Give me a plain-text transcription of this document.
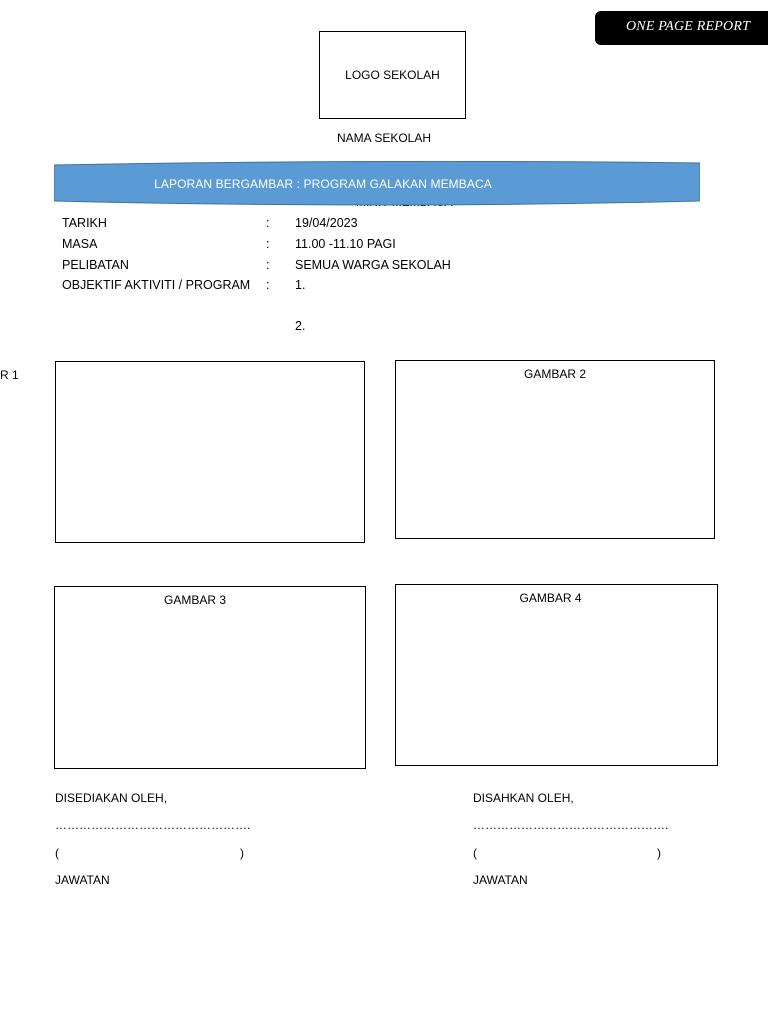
ONE PAGE REPORT
LOGO SEKOLAH
NAMA SEKOLAH
LAPORAN BERGAMBAR : PROGRAM GALAKAN MEMBACA
TARIKH	: 19/04/2023
MASA	: 11.00 -11.10 PAGI
PELIBATAN	: SEMUA WARGA SEKOLAH
OBJEKTIF AKTIVITI / PROGRAM : 1.
2.
R 1	GAMBAR 2
GAMBAR 3	GAMBAR 4
DISEDIAKAN OLEH,
………………………………………….
(	)
JAWATAN
DISAHKAN OLEH,
………………………………………….
(	)
JAWATAN
